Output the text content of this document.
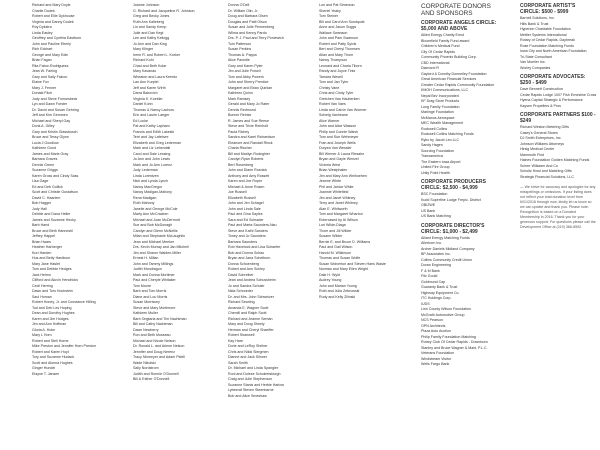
Richard and Mary Doyle
Charlie Dudek
Robert and Ellie Dykhouse
Virginia and Danny Dudek
Roy Dykstra
Linda Easley
Geoffrey and Cynthia Eastburn
John and Pauline Eberly
Rich Eckhart
George and Mary Edie
Brian Fagan
Rita Fabor-Rodriguesa
Jean W. Fairing
Gary and Sally Falcon
Elaine Fox
Mary J. Fenner
Donald Fitch
Judy and Steve Fonnesbeck
Lyn and Dawn Forster
Dr. David and Susan Gehring
Jeff and Kim Gemmen
Michael and Sheryl Gay
Doris A. Gilley
Gary and Kristin Glassbusch
Bruce and Tessy Glynn
Lucia J Goodlow
Kathleen Good
James and Marie Gray
Barbara Graves
Dennis Green
Suzanne Griggs
Karen Gross and Cindy Sass
Lisa Gage
Ed and Deb Gullick
Scott and Christie Gustafson
David C. Haarlem
Bob Hagger
Judy Hall
Debbie and Dana Heller
James and Suzanne Hecky
Barb Hand
Bruce and Beth Hannestil
Jeffrey Happel
Brian Haars
Heather Harberger
Kurt Harden
Hus and Betty Hardison
Mary Jane Haslet
Tom and Debbie Hedges
Jack Helmn
Clifford and Aluvin Hendricks
Cecil Herring
Dawn and Tom Hochstein
Saul Homan
Robert Honey, Jr. and Constance Hilling
Tod and Deb Les Hoping
Dean and Dorothy Hughes
Karen and Jim Hodges
Jim and Ann Hoffman
Gloria A. Hoke
Mary L Horn
Robert and Stell Horne
Mike Preston and Jennifer Horn Preston
Robert and Karen Hoyt
Tory and Suzanne Hudack
Scott and Alonna Hughes
Ginger Hundel
Elayne T. Jansen
Joanne Johnson
G. Richard and Jacqueline R. Johnson
Greg and Becky Jones
Ruth Ann Kalleberg
Lin and Sandy Kemp
Julie and Dan Kegt
Lee and Kathy Kellogg
Jo Ann and Dan King
Mary Klinger
Irene R. and Robert L. Korker
Richard Kohl
Chad and Beth Kolar
Mary Kavanau
Wheaton and Laura Keerdo
Lan Ann Kurpiel
Jeff and Karen Wirth
Darra Bakovich
Virginia K. Koebler
Daniel Kuhn
Thomas & Nancy Lachow
Eric and Laurie Laeger
Ed Locke
Pat and Kathy Lapham
Francis and Edith Lakeski
Terri and Jay Lafebvre
Elizabeth and Greg Lederman
Mark and Liz Lebendall
Carol and Dale Lessing
Jo Ann and John Lewis
Mark and Jo Ann Lorenz
Judy Lederman
Linda Lorentzen
Nick and Lynda Lynch
Nancy MacGregor
Nancy Madigan-Mahony
Rena Madigan
Ruth Mahony
Janelle and George McCole
Marty Ann McCracken
Michael and Joan McDermott
Sue and Bob McDonagh
Carolyn and Glenn McNeilis
Milan and Stephanie McLaughlin
Jean and Michael Meeker
Drs. Kevin Murray and Jan Mitchell
Jim and Sharon Waiden-Miller
Ernest H. Millan
John and Tammy Millings
Judith Mondragon
Mark and Donna Mortimer
Paul and Cheryle Whitaker
Tom Moore
Barb and Tom Morris
Diane and Lou Morris
Susan Morrissey
Steve and Mary Mortimore
Kathleen Muller
Barb Ongtaria and Tim Nachtman
Bill and Cathy Nachtman
Dawn Newberry
Ron and Beth Musseau
Michael and Nicole Nelson
Dr. Ronald L. and Arlene Nelson
Jennifer and Doug Nerenz
Tracy Nixmeyer and Adam Pidell
Wade Nikolski
Sally Nordstrom
Judith and Ronnie O'Donnell
Bill & Esther O'Donnell
Donna O'Dell
Dr. William Olin, Jr.
Doug and Barbara Olsen
Douglas and Patti Olson
Susan and Julie Pennenberg
Wilma and Kenny Pardo
Drs. P. J. Paul and Terry Poniewich
Tom Patterson
Susan Perkins
Thomas A. Pappa
Alice Pavedle
Gary and Karen Pyter
Jim and Julie Powell
Tom and Abby Powers
John and Sherry Prentice
Margaret and Brian Quinlan
Kathleen Quinn
Mark Ramsey
Gerald and Mary Jo Rater
Dennis Redmond
Bonnie Reinke
R. James and Sue Reese
Steve and Trixie Reinholt
Paula Richey
Sandra and Karel Richardson
Eleanore and Randall Rinck
Charla Rischer
Bill and Marilyn Rodeghier
Carolyn Ryan Roberts
Bert Rosenberg
John and Diane Rosnick
Anthony and Amy Rosseti
Karen and Joe Roper
Michael & Anne Rosen
Joe Russell
Elizabeth Russell
John and Jen Schagel
John and Linda Sale
Paul and Gina Sayles
Sara and Ed Schrader
Paul and Marta Saunders-Nau
Steve and Kathi Sanders
Toney and Jo Saunders
Barbara Saunders
Rob Havelock and Lisa Schaefer
Bob and Donna Schau
Bryan and Jana Schelburn
Donna Schoenberg
Robert and Ann Schley
David Schreiber
Jean and Andrea Schussheim
Jo and Sandra Schuler
Nida Schroeder
Dr. and Mrs. John Schweizer
Richard Searling
Amanda E. Wagner Scott
Chemill and Ralph Scott
Richard and Jeanne Seman
Mary and Doug Sheely
Herman and Cheryl Shaeffer
Robert Shanwell
Kay Hare
Dorie and LeRoy Shriber
Chris and Nikki Slergmen
Dianne and Jack Slinner
Sarah Smith
Dr. Michael and Linda Spangler
Roni and Dolese Schuleetsburgh
Craig and Julie Stephenson
Suzanne Stanis and Herbie Harlow
Lybeeraf Steven Steenbarne
Bob and Alice Smeshaw
Lon and Pat Simerson
Sheriel Yeaky
Tom Steiner
Bill and Carol Ann Sundquist
Anne and Jason Suggs
Wallace Swanson
John and Pam Swanson
Robert and Patty Sylvis
Bert and Cheryl Thomsen
Allan and Mary Thom
Nancy Thompson
Leonard and Charla Tiborn
Randy and Joyce Tintz
Tamara Wesell
Tom and Jan Tyler
Christy Vane
Chris and Cindy Tyler
Gretchen Van Hauberken
Robert Van Vaes
Linda and Calvin Van Wormer
Solveig Vanheane
Alice Warner
John and Alice Wasson
Philip and Connie Walsh
Tom and Sue Wehmeyer
Fran and Joseph Wells
Duryea Van Wessler
Bill Werner & Laura Riesahe
Bryan and Gayle Wenzel
Victoria West
Brian Westphalen
Jim and Mary Ann Weihoehen
Jeanne White
Phil and Janice White
Joannie Whitefield
Jim and Janet Whitney
Terry and Janet Whitney
Alan E. Whitworth
Tom and Margaret Wharton
Entercased by Al Wilson
Lori Wilde-Diaga
Thom and Jill Wilder
Susann Wilder
Bernie E. and Bruce D. Williams
Paul and Gail Wilson
Harold M. Wilkinson
Thomas and Susan Wolfe
Susan Wolverton and Steven Hans Waste
Norman and Mary Ellen Wright
Dale H. Wyld
Audrey Young
John and Marian Young
Ruth and Julia Zebrowski
Rudy and Kelly Zilinski
CORPORATE DONORS AND SPONSORS
CORPORATE ANGELS CIRCLE: $5,000 AND ABOVE
Allied Energy Charity Ernst
Bloomfield Family Fund award
Children's Medical Fund
City Of Cedar Rapids
Community Phoenix Building Corp.
CBD International
Diamond R
Gaylord & Dorothy Donnelley Foundation
Great American Financial Services
Greater Cedar Rapids Community Foundation
KMOH Communications, LLC
Nepal Bev Incorporated
KF Drag Store Products
Long Family Foundation
Marlinge Foundation
McManus Aerospace
MEC Wealth Management
Rockwell Collins
Rockwell Collins Matching Funds
Ryko by Jacob Leo LLC
Sandy Hagen
Sourcing Foundation
Transamerica
The Eastern Iowa Airport
United Fire Group
Unity Point Health
CORPORATE PRODUCERS CIRCLE: $2,500 - $4,999
BSC Foundation
Kudd Superfine Lodge Frepic. District
OBIZWE
US Bank
US Bank Matching
CORPORATE DIRECTOR'S CIRCLE: $1,000 - $2,499
Alliant Energy Matching Funds
Allerhorn Inc.
Archer Daniels Midland Company
BP Associates Inc.
Collins Community Credit Union
Doran Engineering
F & M Bank
Fitz Gould
Goldmund Cap
Guaranty Bank & Trust
Highway Equipment Co.
ITC Holdings Corp.
IUDS
Linn County Wilson Foundation
McGrath Automotive Group
NCS Pearson
OPN Architects
Plaza Auto Auction
Philip Family Foundation Matching
Rotary Club Of Cedar Rapids - Downtown
Stanley and Bruce Wagner & Maid, P.L.C.
Veterans Foundation
Windstream Visitor
Wells Fargo Bank
CORPORATE ARTIST'S CIRCLE: $500 - $999
Barnell Solutions, Inc.
Hills Bank & Trust
Hyperion Charitable Foundation
Mettler Systems International
Rotary of Cedar Rapids, Daybreak
Rose Foundation Matching Funds
Iowa City and North American Foundation
Tri-State Consultant
Van Mueller Inc.
Worley Companies
CORPORATE ADVOCATES: $250 - $499
Dave Bennett Construction
Cedar Rapids Lodge 1007 Fish Ernestine Cross
Hyena Capital Strategic & Performance
Kaysen Propellers & Pros
CORPORATE PARTNERS $100 - $249
Richard Weston Metering Gifts
Casey's General Stores
DJ Smith Enterprises, Inc.
Johnson Williams Attorneys
Hirsig Medical Center
Mammoth Find
Haines Foundation Golden Matching Funds
Scherr Wilkasm And Co
Schultz Howl and Matching Gifts
Strategic Financial Solutions, LLC
— We strive for accuracy and apologize for any misspellings or omissions. If your listing does not reflect your total donation level from 6/01/2016 through now, kindly let us know so we can update and thank you. Please note: Recognition is based on a Donated Membership in 2016. Thank you for your generous support. For questions please call the Development Office at (319) 366-8592.
